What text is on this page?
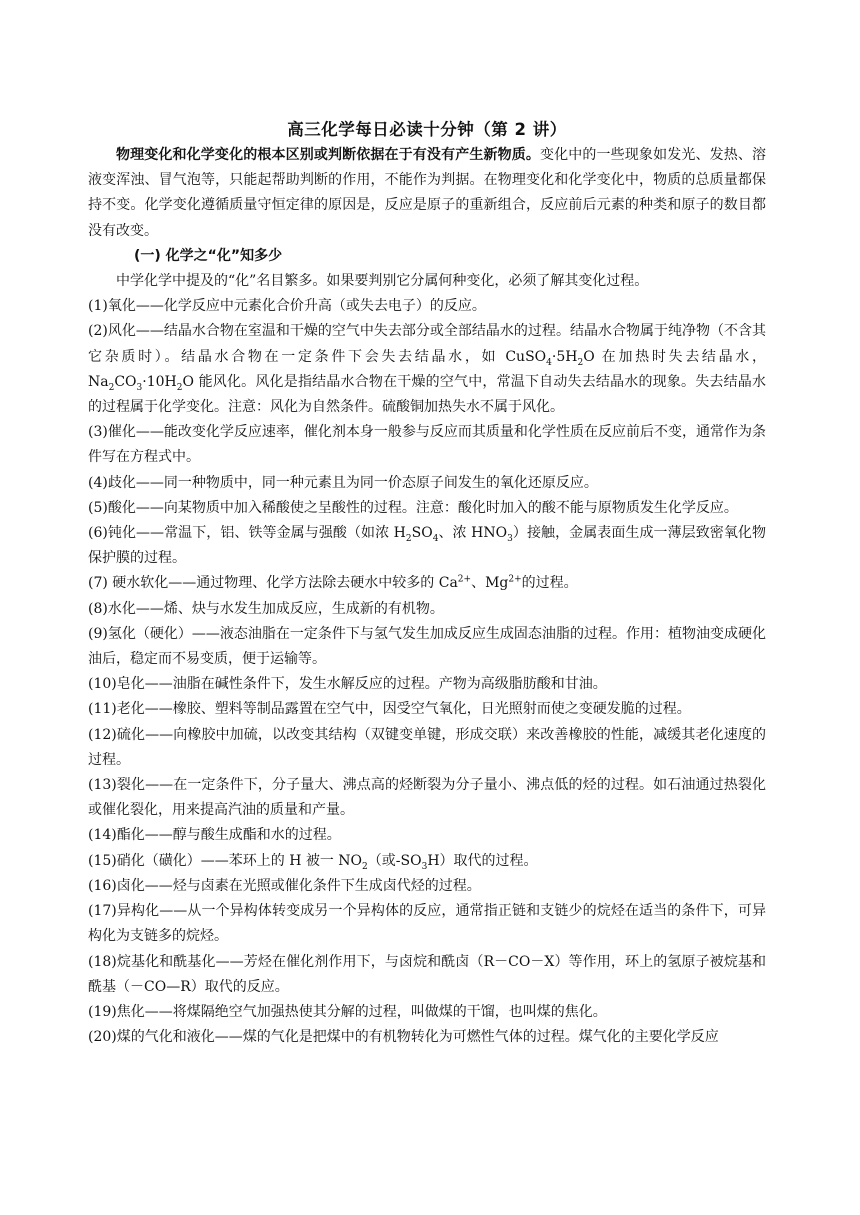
高三化学每日必读十分钟（第 2 讲）

物理变化和化学变化的根本区别或判断依据在于有没有产生新物质。变化中的一些现象如发光、发热、溶液变浑浊、冒气泡等，只能起帮助判断的作用，不能作为判据。在物理变化和化学变化中，物质的总质量都保持不变。化学变化遵循质量守恒定律的原因是，反应是原子的重新组合，反应前后元素的种类和原子的数目都没有改变。

(一) 化学之“化”知多少

中学化学中提及的“化”名目繁多。如果要判别它分属何种变化，必须了解其变化过程。

(1)氧化——化学反应中元素化合价升高（或失去电子）的反应。

(2)风化——结晶水合物在室温和干燥的空气中失去部分或全部结晶水的过程。结晶水合物属于纯净物（不含其它杂质时）。结晶水合物在一定条件下会失去结晶水，如 $CuSO_4\cdot 5H_2O$ 在加热时失去结晶水，$Na_2CO_3\cdot 10H_2O$ 能风化。风化是指结晶水合物在干燥的空气中，常温下自动失去结晶水的现象。失去结晶水的过程属于化学变化。注意：风化为自然条件。硫酸铜加热失水不属于风化。

(3)催化——能改变化学反应速率，催化剂本身一般参与反应而其质量和化学性质在反应前后不变，通常作为条件写在方程式中。

(4)歧化——同一种物质中，同一种元素且为同一价态原子间发生的氧化还原反应。

(5)酸化——向某物质中加入稀酸使之呈酸性的过程。注意：酸化时加入的酸不能与原物质发生化学反应。

(6)钝化——常温下，铝、铁等金属与强酸（如浓 $H_2SO_4$、浓 $HNO_3$）接触，金属表面生成一薄层致密氧化物保护膜的过程。

(7) 硬水软化——通过物理、化学方法除去硬水中较多的 $Ca^{2+}$、$Mg^{2+}$的过程。

(8)水化——烯、炔与水发生加成反应，生成新的有机物。

(9)氢化（硬化）——液态油脂在一定条件下与氢气发生加成反应生成固态油脂的过程。作用：植物油变成硬化油后，稳定而不易变质，便于运输等。

(10)皂化——油脂在碱性条件下，发生水解反应的过程。产物为高级脂肪酸和甘油。

(11)老化——橡胶、塑料等制品露置在空气中，因受空气氧化，日光照射而使之变硬发脆的过程。

(12)硫化——向橡胶中加硫，以改变其结构（双键变单键，形成交联）来改善橡胶的性能，减缓其老化速度的过程。

(13)裂化——在一定条件下，分子量大、沸点高的烃断裂为分子量小、沸点低的烃的过程。如石油通过热裂化或催化裂化，用来提高汽油的质量和产量。

(14)酯化——醇与酸生成酯和水的过程。

(15)硝化（磺化）——苯环上的 H 被一 $NO_2$（或$-SO_3H$）取代的过程。

(16)卤化——烃与卤素在光照或催化条件下生成卤代烃的过程。

(17)异构化——从一个异构体转变成另一个异构体的反应，通常指正链和支链少的烷烃在适当的条件下，可异构化为支链多的烷烃。

(18)烷基化和酰基化——芳烃在催化剂作用下，与卤烷和酰卤（R－CO－X）等作用，环上的氢原子被烷基和酰基（－CO—R）取代的反应。

(19)焦化——将煤隔绝空气加强热使其分解的过程，叫做煤的干馏，也叫煤的焦化。

(20)煤的气化和液化——煤的气化是把煤中的有机物转化为可燃性气体的过程。煤气化的主要化学反应
